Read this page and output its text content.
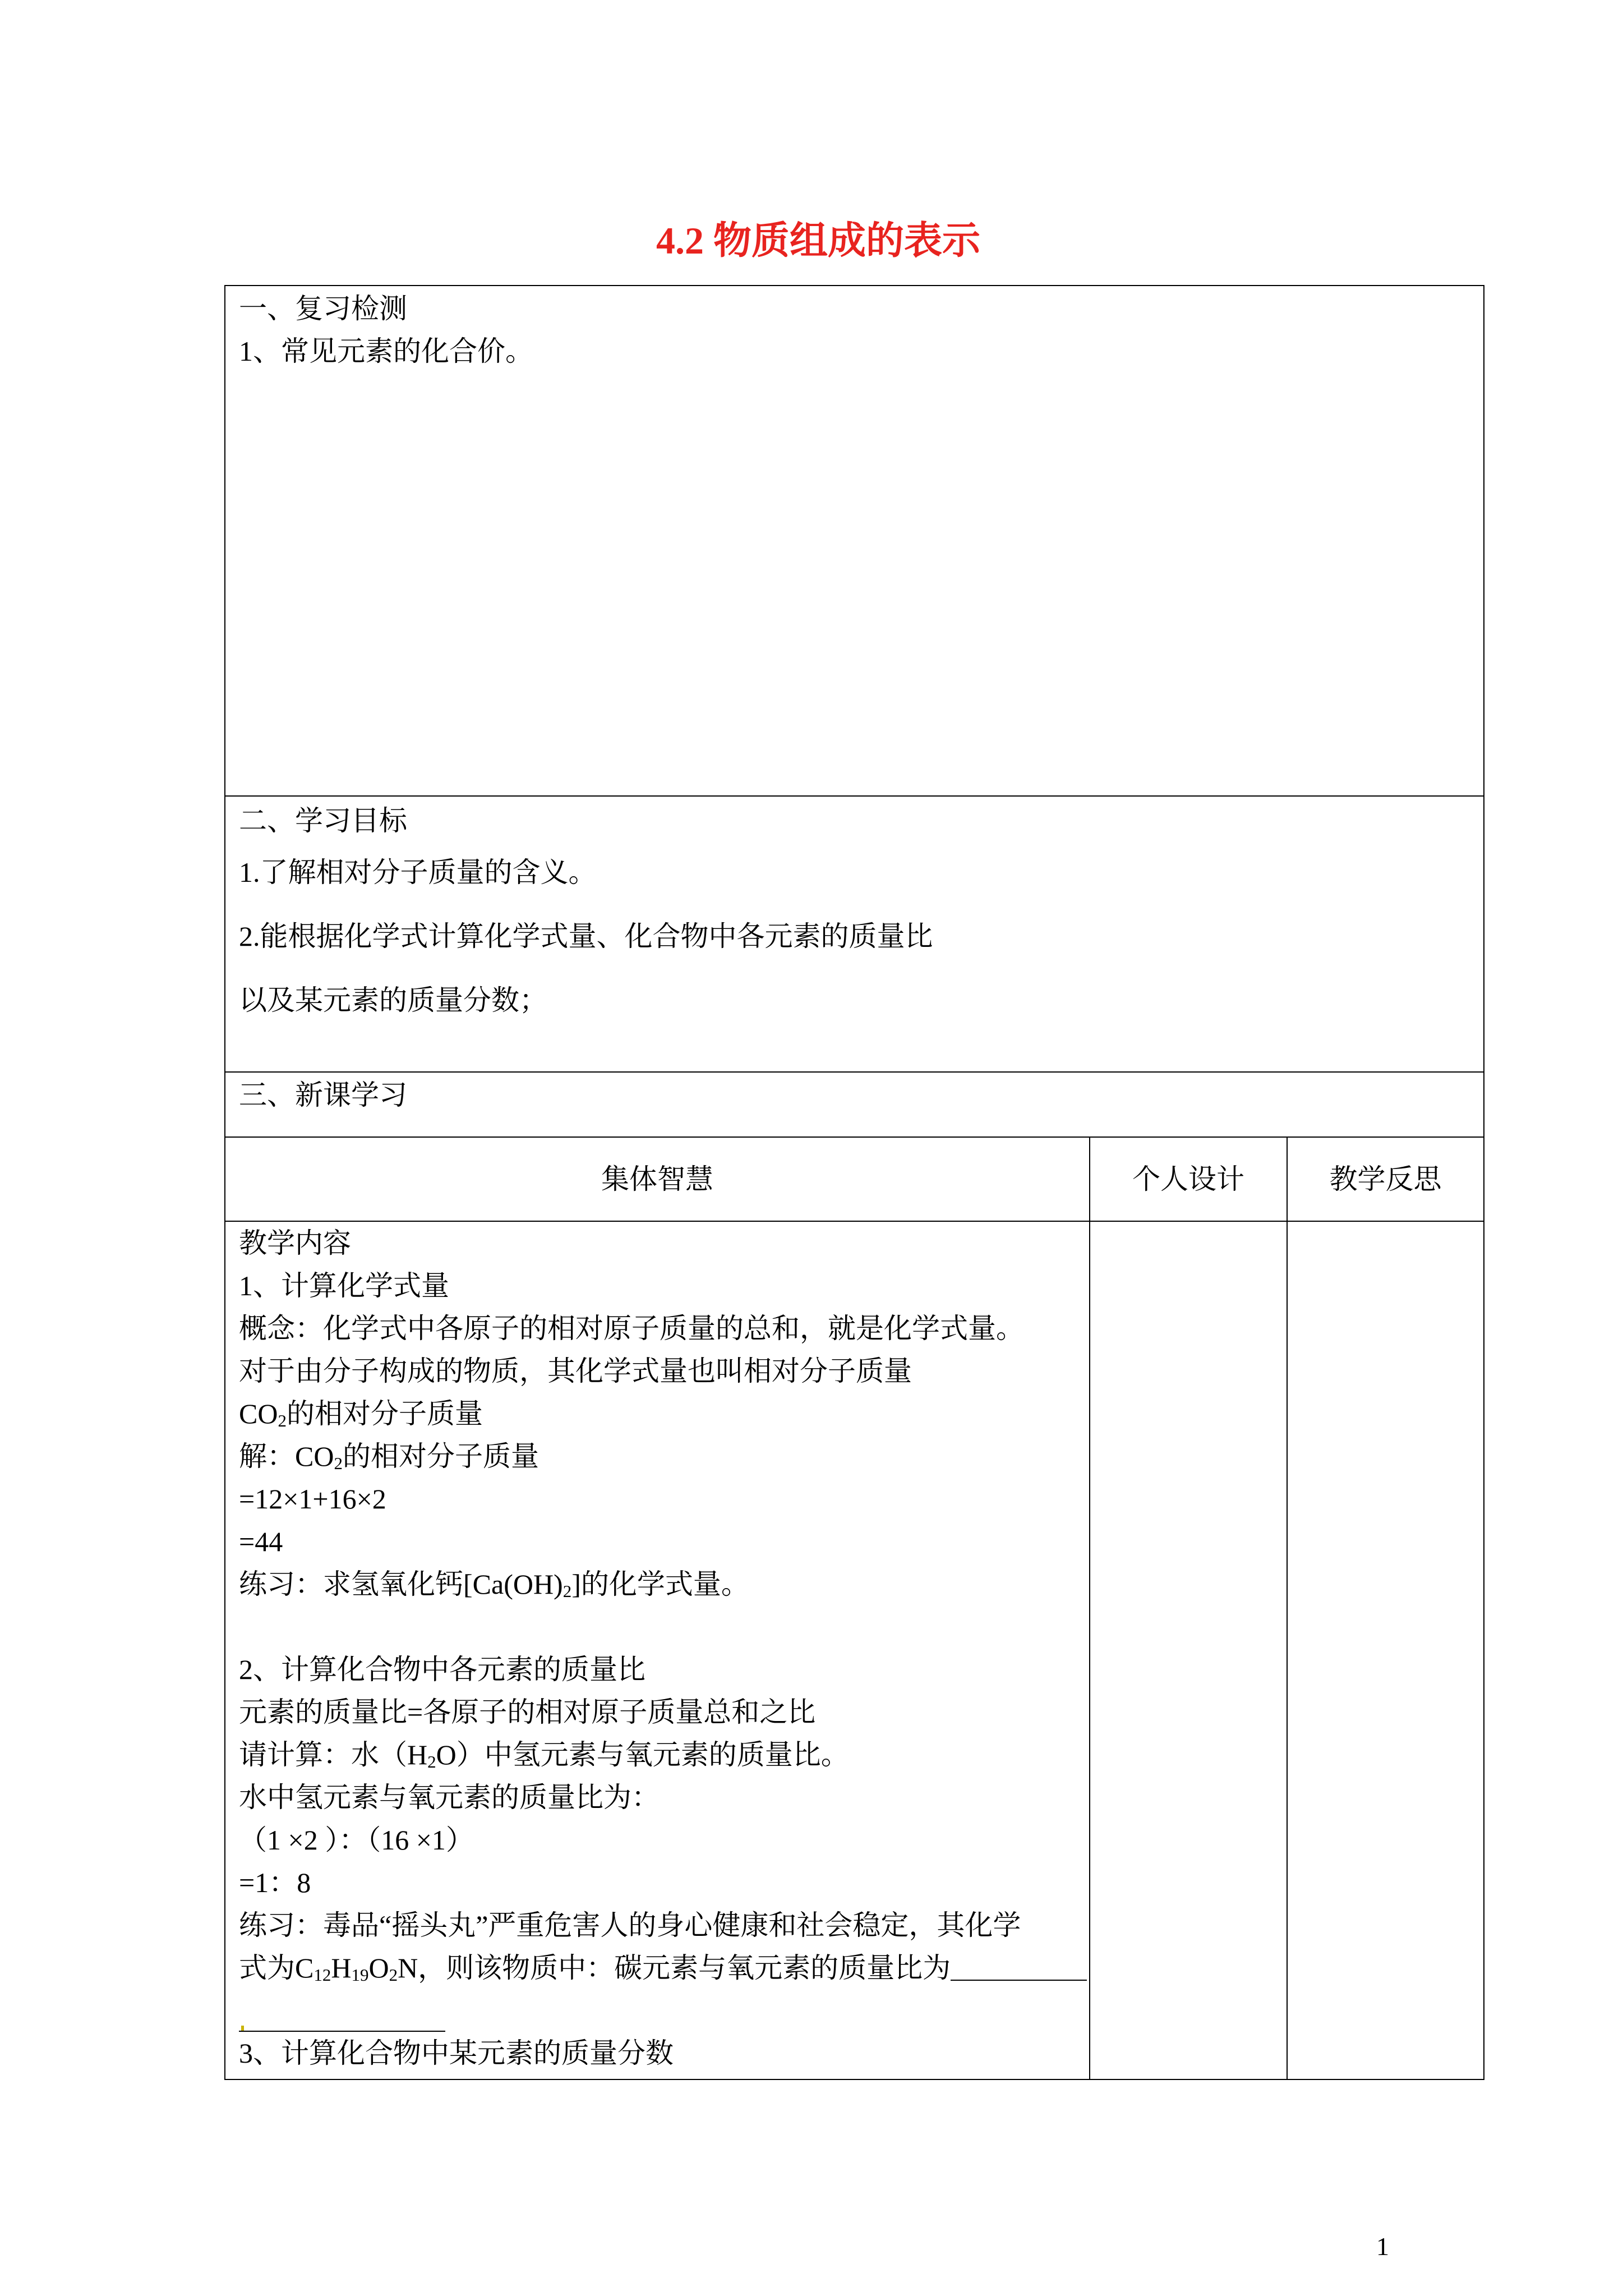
4.2 物质组成的表示
一、复习检测
1、常见元素的化合价。
二、学习目标
1.了解相对分子质量的含义。
2.能根据化学式计算化学式量、化合物中各元素的质量比
以及某元素的质量分数；
三、新课学习
集体智慧	个人设计	教学反思
教学内容
1、计算化学式量
概念：化学式中各原子的相对原子质量的总和，就是化学式量。
对于由分子构成的物质，其化学式量也叫相对分子质量
$CO_2$的相对分子质量
解：$CO_2$的相对分子质量
=12×1+16×2
=44
练习：求氢氧化钙$[Ca(OH)_2]$的化学式量。
2、计算化合物中各元素的质量比
元素的质量比=各原子的相对原子质量总和之比
请计算：水$(H_2O)$中氢元素与氧元素的质量比。
水中氢元素与氧元素的质量比为：
（1 ×2 ）：（16 ×1）
=1：8
练习：毒品“摇头丸”严重危害人的身心健康和社会稳定，其化学
式为$C_{12}H_{19}O_2N$，则该物质中：碳元素与氧元素的质量比为
3、计算化合物中某元素的质量分数
1
